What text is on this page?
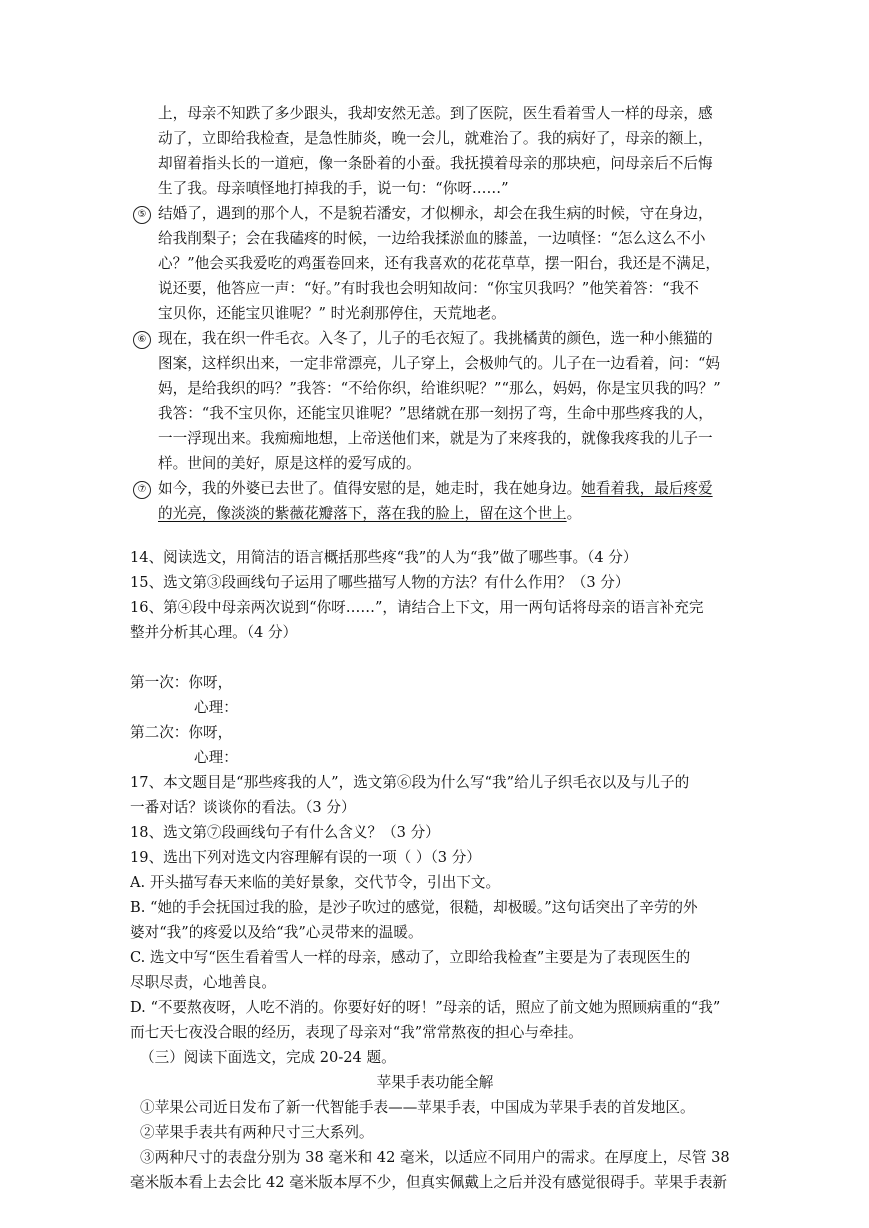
上，母亲不知跌了多少跟头，我却安然无恙。到了医院，医生看着雪人一样的母亲，感
动了，立即给我检查，是急性肺炎，晚一会儿，就难治了。我的病好了，母亲的额上，
却留着指头长的一道疤，像一条卧着的小蚕。我抚摸着母亲的那块疤，问母亲后不后悔
生了我。母亲嗔怪地打掉我的手，说一句：“你呀……”
⑤ 结婚了，遇到的那个人，不是貌若潘安，才似柳永，却会在我生病的时候，守在身边，
给我削梨子；会在我磕疼的时候，一边给我揉淤血的膝盖，一边嗔怪：“怎么这么不小
心？”他会买我爱吃的鸡蛋卷回来，还有我喜欢的花花草草，摆一阳台，我还是不满足，
说还要，他答应一声：“好。”有时我也会明知故问：“你宝贝我吗？”他笑着答：“我不
宝贝你，还能宝贝谁呢？” 时光刹那停住，天荒地老。
⑥ 现在，我在织一件毛衣。入冬了，儿子的毛衣短了。我挑橘黄的颜色，选一种小熊猫的
图案，这样织出来，一定非常漂亮，儿子穿上，会极帅气的。儿子在一边看着，问：“妈
妈，是给我织的吗？”我答：“不给你织，给谁织呢？”“那么，妈妈，你是宝贝我的吗？”
我答：“我不宝贝你，还能宝贝谁呢？”思绪就在那一刻拐了弯，生命中那些疼我的人，
一一浮现出来。我痴痴地想，上帝送他们来，就是为了来疼我的，就像我疼我的儿子一
样。世间的美好，原是这样的爱写成的。
⑦ 如今，我的外婆已去世了。值得安慰的是，她走时，我在她身边。她看着我，最后疼爱
的光亮，像淡淡的紫薇花瓣落下，落在我的脸上，留在这个世上。
14、阅读选文，用简洁的语言概括那些疼“我”的人为“我”做了哪些事。（4 分）
15、选文第③段画线句子运用了哪些描写人物的方法？有什么作用？（3 分）
16、第④段中母亲两次说到“你呀……”，请结合上下文，用一两句话将母亲的语言补充完
整并分析其心理。（4 分）
第一次：你呀，
心理：
第二次：你呀，
心理：
17、本文题目是“那些疼我的人”，选文第⑥段为什么写“我”给儿子织毛衣以及与儿子的
一番对话？谈谈你的看法。（3 分）
18、选文第⑦段画线句子有什么含义？（3 分）
19、选出下列对选文内容理解有误的一项（ ）（3 分）
A. 开头描写春天来临的美好景象，交代节令，引出下文。
B. “她的手会抚国过我的脸，是沙子吹过的感觉，很糙，却极暖。”这句话突出了辛劳的外
婆对“我”的疼爱以及给“我”心灵带来的温暖。
C. 选文中写“医生看着雪人一样的母亲，感动了，立即给我检查”主要是为了表现医生的
尽职尽责，心地善良。
D. “不要熬夜呀，人吃不消的。你要好好的呀！”母亲的话，照应了前文她为照顾病重的“我”
而七天七夜没合眼的经历，表现了母亲对“我”常常熬夜的担心与牵挂。
（三）阅读下面选文，完成 20-24 题。
苹果手表功能全解
①苹果公司近日发布了新一代智能手表——苹果手表，中国成为苹果手表的首发地区。
②苹果手表共有两种尺寸三大系列。
③两种尺寸的表盘分别为 38 毫米和 42 毫米，以适应不同用户的需求。在厚度上，尽管 38
毫米版本看上去会比 42 毫米版本厚不少，但真实佩戴上之后并没有感觉很碍手。苹果手表新
